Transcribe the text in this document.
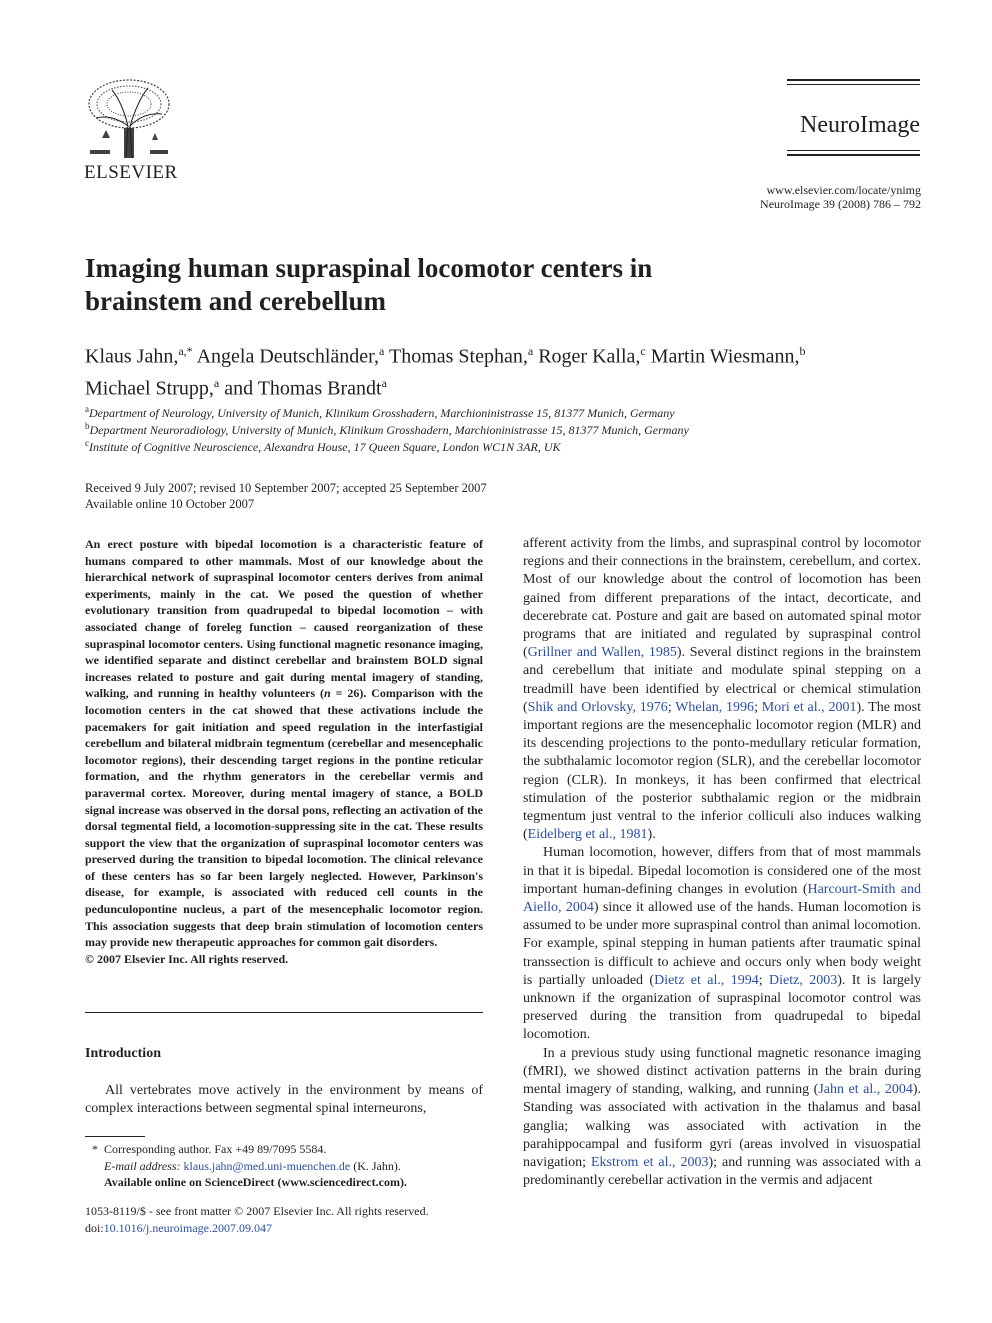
ELSEVIER
NeuroImage
www.elsevier.com/locate/ynimg
NeuroImage 39 (2008) 786 – 792
Imaging human supraspinal locomotor centers in
brainstem and cerebellum
Klaus Jahn,$^{a,*}$ Angela Deutschländer,$^a$ Thomas Stephan,$^a$ Roger Kalla,$^c$ Martin Wiesmann,$^b$
Michael Strupp,$^a$ and Thomas Brandt$^a$
$^a$Department of Neurology, University of Munich, Klinikum Grosshadern, Marchioninistrasse 15, 81377 Munich, Germany
$^b$Department Neuroradiology, University of Munich, Klinikum Grosshadern, Marchioninistrasse 15, 81377 Munich, Germany
$^c$Institute of Cognitive Neuroscience, Alexandra House, 17 Queen Square, London WC1N 3AR, UK
Received 9 July 2007; revised 10 September 2007; accepted 25 September 2007
Available online 10 October 2007

An erect posture with bipedal locomotion is a characteristic feature of humans compared to other mammals. Most of our knowledge about the hierarchical network of supraspinal locomotor centers derives from animal experiments, mainly in the cat. We posed the question of whether evolutionary transition from quadrupedal to bipedal locomotion – with associated change of foreleg function – caused reorganization of these supraspinal locomotor centers. Using functional magnetic resonance imaging, we identified separate and distinct cerebellar and brainstem BOLD signal increases related to posture and gait during mental imagery of standing, walking, and running in healthy volunteers (n = 26). Comparison with the locomotion centers in the cat showed that these activations include the pacemakers for gait initiation and speed regulation in the interfastigial cerebellum and bilateral midbrain tegmentum (cerebellar and mesencephalic locomotor regions), their descending target regions in the pontine reticular formation, and the rhythm generators in the cerebellar vermis and paravermal cortex. Moreover, during mental imagery of stance, a BOLD signal increase was observed in the dorsal pons, reflecting an activation of the dorsal tegmental field, a locomotion-suppressing site in the cat. These results support the view that the organization of supraspinal locomotor centers was preserved during the transition to bipedal locomotion. The clinical relevance of these centers has so far been largely neglected. However, Parkinson's disease, for example, is associated with reduced cell counts in the pedunculopontine nucleus, a part of the mesencephalic locomotor region. This association suggests that deep brain stimulation of locomotion centers may provide new therapeutic approaches for common gait disorders.

© 2007 Elsevier Inc. All rights reserved.

Introduction

All vertebrates move actively in the environment by means of complex interactions between segmental spinal interneurons,

* Corresponding author. Fax +49 89/7095 5584.
E-mail address: klaus.jahn@med.uni-muenchen.de (K. Jahn).
Available online on ScienceDirect (www.sciencedirect.com).
1053-8119/$ - see front matter © 2007 Elsevier Inc. All rights reserved.
doi:10.1016/j.neuroimage.2007.09.047

afferent activity from the limbs, and supraspinal control by locomotor regions and their connections in the brainstem, cerebellum, and cortex. Most of our knowledge about the control of locomotion has been gained from different preparations of the intact, decorticate, and decerebrate cat. Posture and gait are based on automated spinal motor programs that are initiated and regulated by supraspinal control (Grillner and Wallen, 1985). Several distinct regions in the brainstem and cerebellum that initiate and modulate spinal stepping on a treadmill have been identified by electrical or chemical stimulation (Shik and Orlovsky, 1976; Whelan, 1996; Mori et al., 2001). The most important regions are the mesencephalic locomotor region (MLR) and its descending projections to the ponto-medullary reticular formation, the subthalamic locomotor region (SLR), and the cerebellar locomotor region (CLR). In monkeys, it has been confirmed that electrical stimulation of the posterior subthalamic region or the midbrain tegmentum just ventral to the inferior colliculi also induces walking (Eidelberg et al., 1981).

Human locomotion, however, differs from that of most mammals in that it is bipedal. Bipedal locomotion is considered one of the most important human-defining changes in evolution (Harcourt-Smith and Aiello, 2004) since it allowed use of the hands. Human locomotion is assumed to be under more supraspinal control than animal locomotion. For example, spinal stepping in human patients after traumatic spinal transsection is difficult to achieve and occurs only when body weight is partially unloaded (Dietz et al., 1994; Dietz, 2003). It is largely unknown if the organization of supraspinal locomotor control was preserved during the transition from quadrupedal to bipedal locomotion.

In a previous study using functional magnetic resonance imaging (fMRI), we showed distinct activation patterns in the brain during mental imagery of standing, walking, and running (Jahn et al., 2004). Standing was associated with activation in the thalamus and basal ganglia; walking was associated with activation in the parahippocampal and fusiform gyri (areas involved in visuospatial navigation; Ekstrom et al., 2003); and running was associated with a predominantly cerebellar activation in the vermis and adjacent
